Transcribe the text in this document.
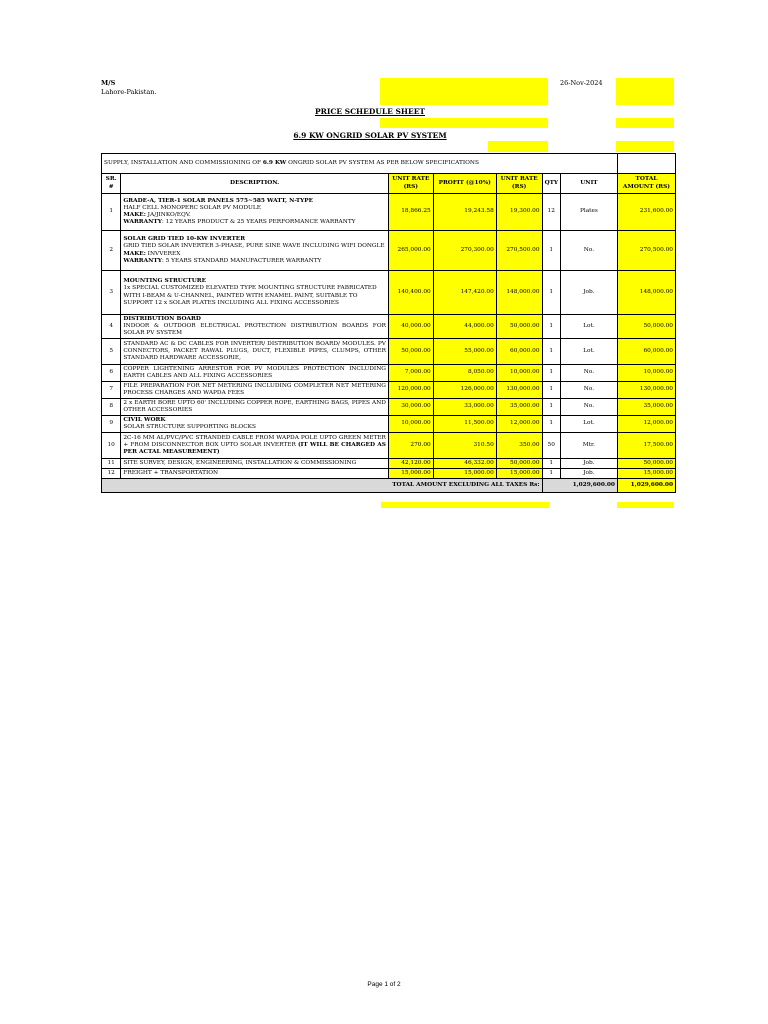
M/S
Lahore-Pakistan.
26-Nov-2024
PRICE SCHEDULE SHEET
6.9 KW ONGRID SOLAR PV SYSTEM
SUPPLY, INSTALLATION AND COMMISSIONING OF 6.9 KW ONGRID SOLAR PV SYSTEM AS PER BELOW SPECIFICATIONS							
SR. #	DESCRIPTION.	UNIT RATE (RS)	PROFIT (@10%)	UNIT RATE (RS)	QTY	UNIT	TOTAL AMOUNT (RS)
1	GRADE-A, TIER-1 SOLAR PANELS 575~585 WATT, N-TYPE
HALF CELL MONOPERC SOLAR PV MODULE
MAKE: JA/JINKO/EQV.
WARRANTY: 12 YEARS PRODUCT & 25 YEARS PERFORMANCE WARRANTY	18,866.25	19,243.58	19,300.00	12	Plates	231,600.00
2	SOLAR GRID TIED 10-KW INVERTER
GRID TIED SOLAR INVERTER 3-PHASE, PURE SINE WAVE INCLUDING WIFI DONGLE
MAKE: INVVEREX
WARRANTY: 5 YEARS STANDARD MANUFACTURER WARRANTY	265,000.00	270,300.00	270,500.00	1	No.	270,500.00
3	MOUNTING STRUCTURE
1x SPECIAL CUSTOMIZED ELEVATED TYPE MOUNTING STRUCTURE FABRICATED WITH I-BEAM & U-CHANNEL, PAINTED WITH ENAMEL PAINT, SUITABLE TO SUPPORT 12 x SOLAR PLATES INCLUDING ALL FIXING ACCESSORIES	140,400.00	147,420.00	148,000.00	1	Job.	148,000.00
4	DISTRIBUTION BOARD
INDOOR & OUTDOOR ELECTRICAL PROTECTION DISTRIBUTION BOARDS FOR SOLAR PV SYSTEM	40,000.00	44,000.00	50,000.00	1	Lot.	50,000.00
5	STANDARD AC & DC CABLES FOR INVERTER/ DISTRIBUTION BOARD/ MODULES. PV CONNECTORS, PACKET RAWAL PLUGS, DUCT, FLEXIBLE PIPES, CLUMPS, OTHER STANDARD HARDWARE ACCESSORIE,	50,000.00	55,000.00	60,000.00	1	Lot.	60,000.00
6	COPPER LIGHTENING ARRESTOR FOR PV MODULES PROTECTION INCLUDING EARTH CABLES AND ALL FIXING ACCESSORIES	7,000.00	8,050.00	10,000.00	1	No.	10,000.00
7	FILE PREPARATION FOR NET METERING INCLUDING COMPLETER NET METERING PROCESS CHARGES AND WAPDA FEES	120,000.00	126,000.00	130,000.00	1	No.	130,000.00
8	2 x EARTH BORE UPTO 60' INCLUDING COPPER ROPE, EARTHING BAGS, PIPES AND OTHER ACCESSORIES	30,000.00	33,000.00	35,000.00	1	No.	35,000.00
9	CIVIL WORK
SOLAR STRUCTURE SUPPORTING BLOCKS	10,000.00	11,500.00	12,000.00	1	Lot.	12,000.00
10	2C-16 MM AL/PVC/PVC STRANDED CABLE FROM WAPDA POLE UPTO GREEN METER + FROM DISCONNECTOR BOX UPTO SOLAR INVERTER (IT WILL BE CHARGED AS PER ACTAL MEASUREMENT)	270.00	310.50	350.00	50	Mtr.	17,500.00
11	SITE SURVEY, DESIGN, ENGINEERING, INSTALLATION & COMMISSIONING	42,120.00	46,332.00	50,000.00	1	Job.	50,000.00
12	FREIGHT + TRANSPORTATION	15,000.00	15,000.00	15,000.00	1	Job.	15,000.00
TOTAL AMOUNT EXCLUDING ALL TAXES Rs:					1,029,600.00		1,029,600.00
Page 1 of 2
